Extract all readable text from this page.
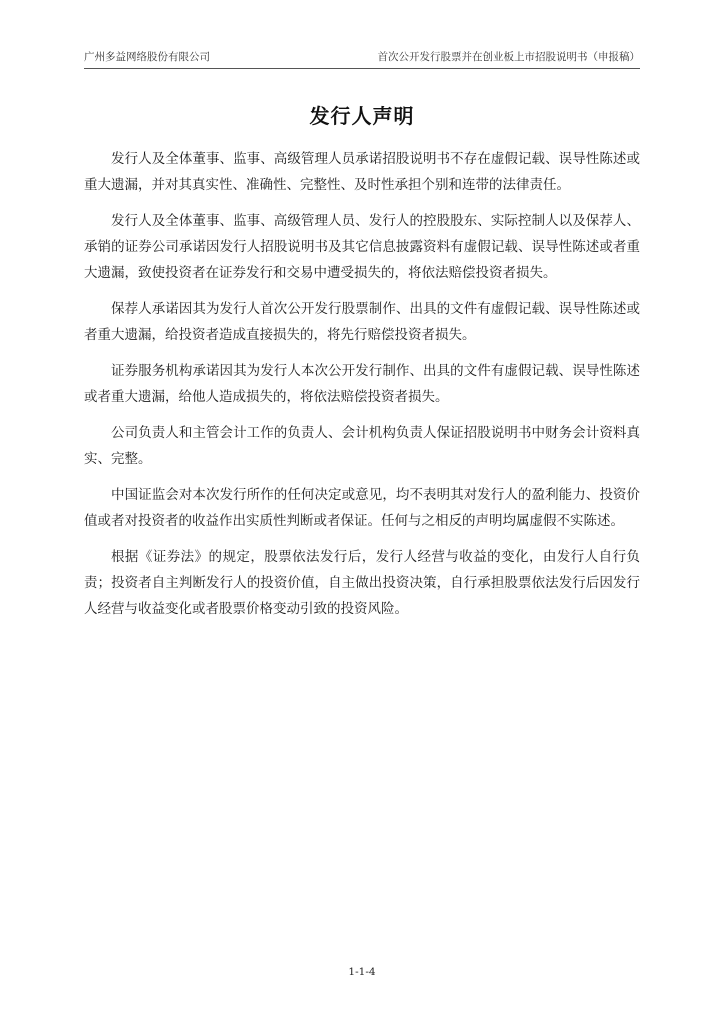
广州多益网络股份有限公司	首次公开发行股票并在创业板上市招股说明书（申报稿）
发行人声明

发行人及全体董事、监事、高级管理人员承诺招股说明书不存在虚假记载、误导性陈述或重大遗漏，并对其真实性、准确性、完整性、及时性承担个别和连带的法律责任。

发行人及全体董事、监事、高级管理人员、发行人的控股股东、实际控制人以及保荐人、承销的证券公司承诺因发行人招股说明书及其它信息披露资料有虚假记载、误导性陈述或者重大遗漏，致使投资者在证券发行和交易中遭受损失的，将依法赔偿投资者损失。

保荐人承诺因其为发行人首次公开发行股票制作、出具的文件有虚假记载、误导性陈述或者重大遗漏，给投资者造成直接损失的，将先行赔偿投资者损失。

证券服务机构承诺因其为发行人本次公开发行制作、出具的文件有虚假记载、误导性陈述或者重大遗漏，给他人造成损失的，将依法赔偿投资者损失。

公司负责人和主管会计工作的负责人、会计机构负责人保证招股说明书中财务会计资料真实、完整。

中国证监会对本次发行所作的任何决定或意见，均不表明其对发行人的盈利能力、投资价值或者对投资者的收益作出实质性判断或者保证。任何与之相反的声明均属虚假不实陈述。

根据《证券法》的规定，股票依法发行后，发行人经营与收益的变化，由发行人自行负责；投资者自主判断发行人的投资价值，自主做出投资决策，自行承担股票依法发行后因发行人经营与收益变化或者股票价格变动引致的投资风险。

1-1-4
